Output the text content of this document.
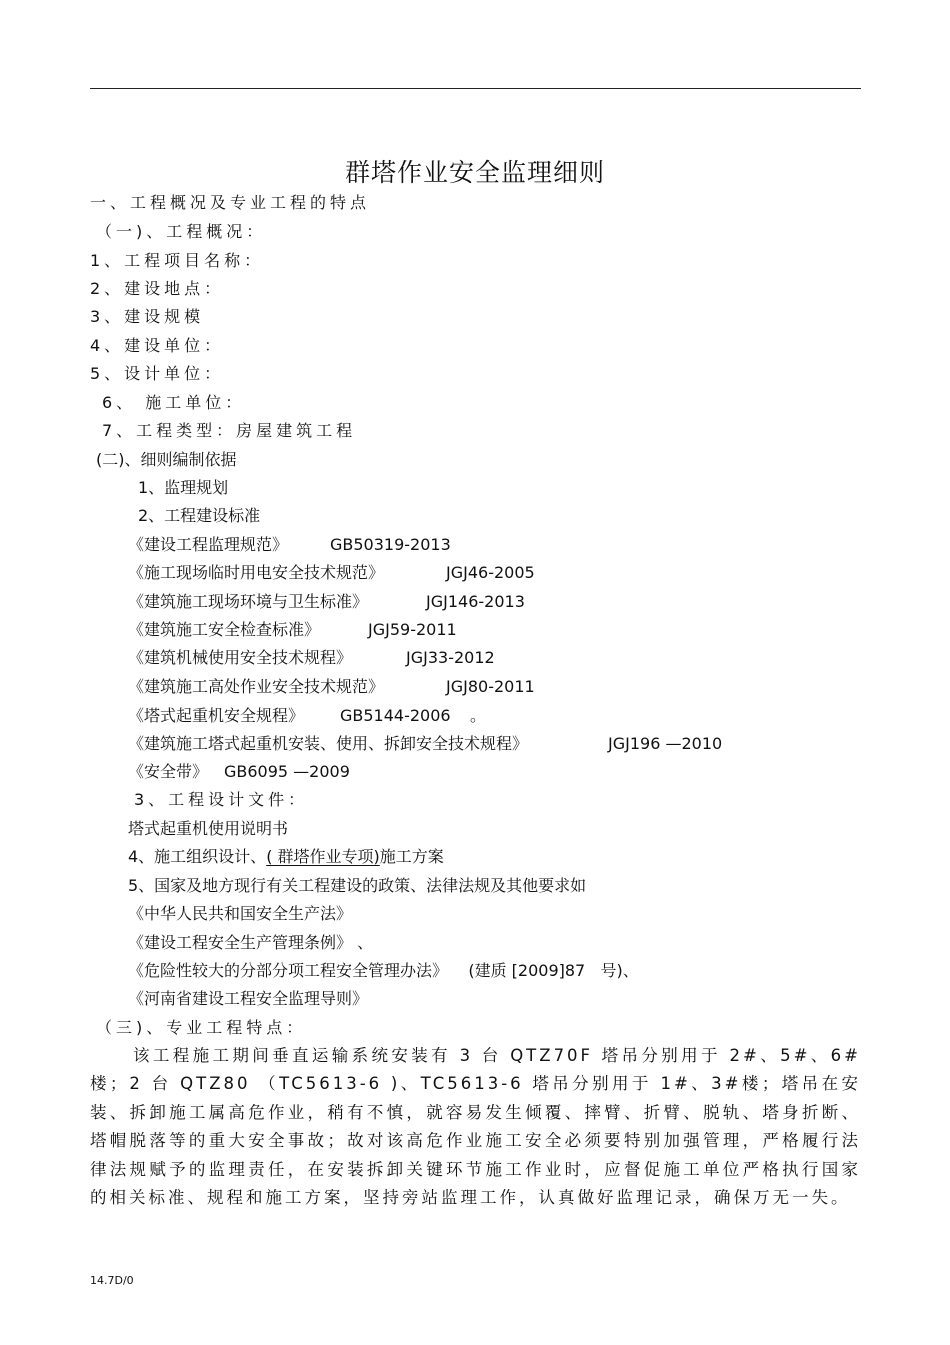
群塔作业安全监理细则
一、工程概况及专业工程的特点
（一)、工程概况：
1、工程项目名称：
2、建设地点：
3、建设规模
4、建设单位：
5、设计单位：
6、 施工单位：
7、工程类型：房屋建筑工程
(二)、细则编制依据
1、监理规划
2、工程建设标准
《建设工程监理规范》	GB50319-2013
《施工现场临时用电安全技术规范》	JGJ46-2005
《建筑施工现场环境与卫生标准》	JGJ146-2013
《建筑施工安全检查标准》	JGJ59-2011
《建筑机械使用安全技术规程》	JGJ33-2012
《建筑施工高处作业安全技术规范》	JGJ80-2011
《塔式起重机安全规程》 GB5144-2006 。
《建筑施工塔式起重机安装、使用、拆卸安全技术规程》	JGJ196 —2010
《安全带》 GB6095 —2009
3、工程设计文件：
塔式起重机使用说明书
4、施工组织设计、( 群塔作业专项)施工方案
5、国家及地方现行有关工程建设的政策、法律法规及其他要求如
《中华人民共和国安全生产法》
《建设工程安全生产管理条例》 、
《危险性较大的分部分项工程安全管理办法》    (建质 [2009]87   号)、
《河南省建设工程安全监理导则》
（三)、专业工程特点：
该工程施工期间垂直运输系统安装有 3 台 QTZ70F 塔吊分别用于 2#、5#、6#楼；2 台 QTZ80 （TC5613-6 )、TC5613-6 塔吊分别用于 1#、3#楼；塔吊在安装、拆卸施工属高危作业，稍有不慎，就容易发生倾覆、摔臂、折臂、脱轨、塔身折断、塔帽脱落等的重大安全事故；故对该高危作业施工安全必须要特别加强管理，严格履行法律法规赋予的监理责任，在安装拆卸关键环节施工作业时，应督促施工单位严格执行国家的相关标准、规程和施工方案，坚持旁站监理工作，认真做好监理记录，确保万无一失。
14.7D/0
